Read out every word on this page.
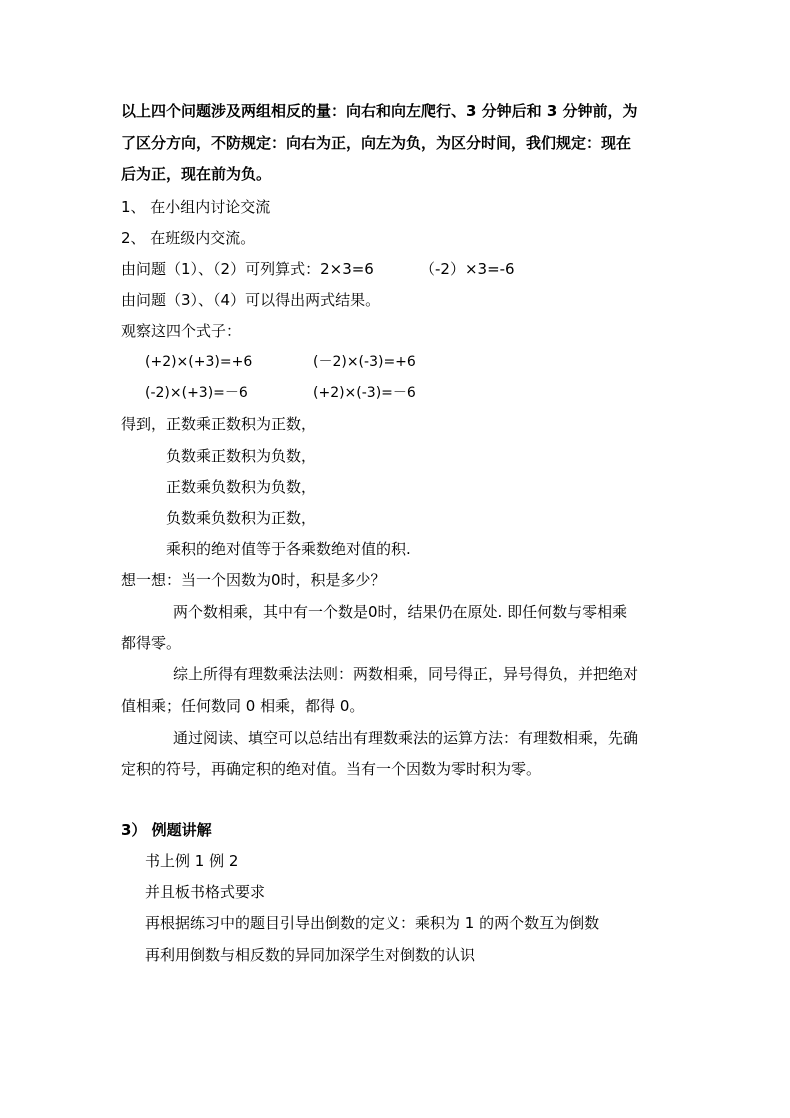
以上四个问题涉及两组相反的量：向右和向左爬行、3 分钟后和 3 分钟前，为
了区分方向，不防规定：向右为正，向左为负，为区分时间，我们规定：现在
后为正，现在前为负。
1、 在小组内讨论交流
2、 在班级内交流。
由问题（1）、（2）可列算式：2×3=6	（-2）×3=-6
由问题（3）、（4）可以得出两式结果。
观察这四个式子：
(+2)×(+3)=+6	(－2)×(-3)=+6
(-2)×(+3)=－6	(+2)×(-3)=－6
得到，正数乘正数积为正数，
负数乘正数积为负数，
正数乘负数积为负数，
负数乘负数积为正数，
乘积的绝对值等于各乘数绝对值的积.
想一想：当一个因数为0时，积是多少？
两个数相乘，其中有一个数是0时，结果仍在原处. 即任何数与零相乘
都得零。
综上所得有理数乘法法则：两数相乘，同号得正，异号得负，并把绝对
值相乘；任何数同 0 相乘，都得 0。
通过阅读、填空可以总结出有理数乘法的运算方法：有理数相乘，先确
定积的符号，再确定积的绝对值。当有一个因数为零时积为零。
3） 例题讲解
书上例 1 例 2
并且板书格式要求
再根据练习中的题目引导出倒数的定义：乘积为 1 的两个数互为倒数
再利用倒数与相反数的异同加深学生对倒数的认识
